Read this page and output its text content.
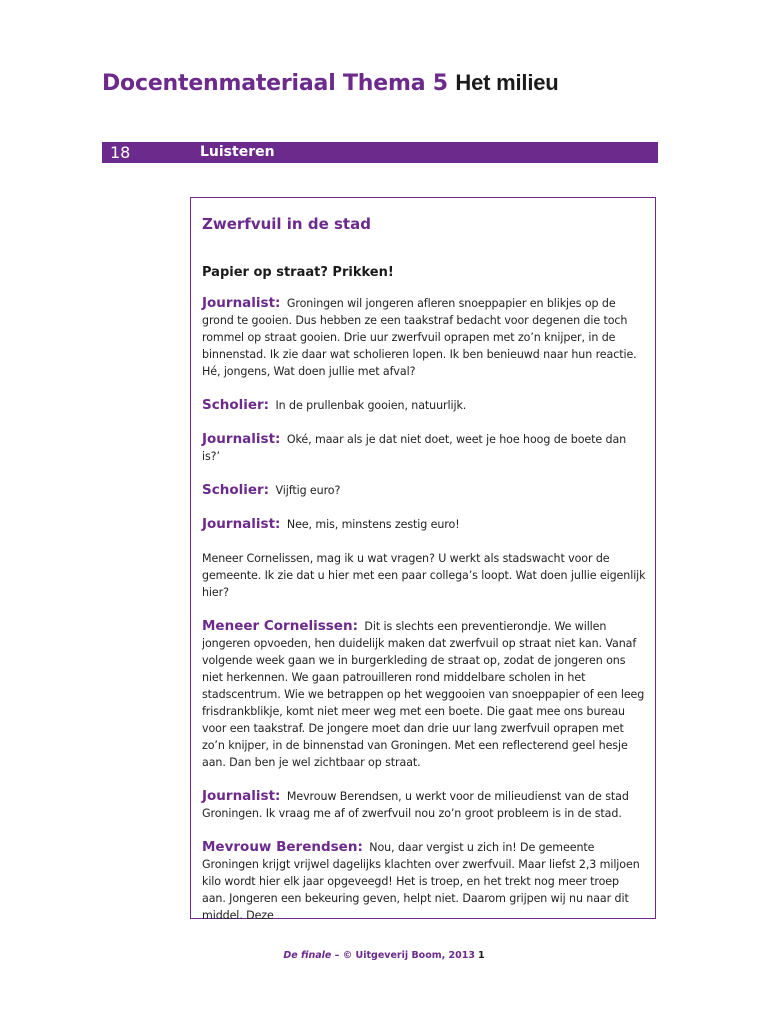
Docentenmateriaal Thema 5 Het milieu
18	Luisteren
Zwerfvuil in de stad
Papier op straat? Prikken!

Journalist: Groningen wil jongeren afleren snoeppapier en blikjes op de grond te gooien. Dus hebben ze een taakstraf bedacht voor degenen die toch rommel op straat gooien. Drie uur zwerfvuil oprapen met zo’n knijper, in de binnenstad. Ik zie daar wat scholieren lopen. Ik ben benieuwd naar hun reactie. Hé, jongens, Wat doen jullie met afval?

Scholier: In de prullenbak gooien, natuurlijk.

Journalist: Oké, maar als je dat niet doet, weet je hoe hoog de boete dan is?’

Scholier: Vijftig euro?

Journalist: Nee, mis, minstens zestig euro!

Meneer Cornelissen, mag ik u wat vragen? U werkt als stadswacht voor de gemeente. Ik zie dat u hier met een paar collega’s loopt. Wat doen jullie eigenlijk hier?

Meneer Cornelissen: Dit is slechts een preventierondje. We willen jongeren opvoeden, hen duidelijk maken dat zwerfvuil op straat niet kan. Vanaf volgende week gaan we in burgerkleding de straat op, zodat de jongeren ons niet herkennen. We gaan patrouilleren rond middelbare scholen in het stadscentrum. Wie we betrappen op het weggooien van snoeppapier of een leeg frisdrankblikje, komt niet meer weg met een boete. Die gaat mee ons bureau voor een taakstraf. De jongere moet dan drie uur lang zwerfvuil oprapen met zo’n knijper, in de binnenstad van Groningen. Met een reflecterend geel hesje aan. Dan ben je wel zichtbaar op straat.

Journalist: Mevrouw Berendsen, u werkt voor de milieudienst van de stad Groningen. Ik vraag me af of zwerfvuil nou zo’n groot probleem is in de stad.

Mevrouw Berendsen: Nou, daar vergist u zich in! De gemeente Groningen krijgt vrijwel dagelijks klachten over zwerfvuil. Maar liefst 2,3 miljoen kilo wordt hier elk jaar opgeveegd! Het is troep, en het trekt nog meer troep aan. Jongeren een bekeuring geven, helpt niet. Daarom grijpen wij nu naar dit middel. Deze

De finale – © Uitgeverij Boom, 2013 1
